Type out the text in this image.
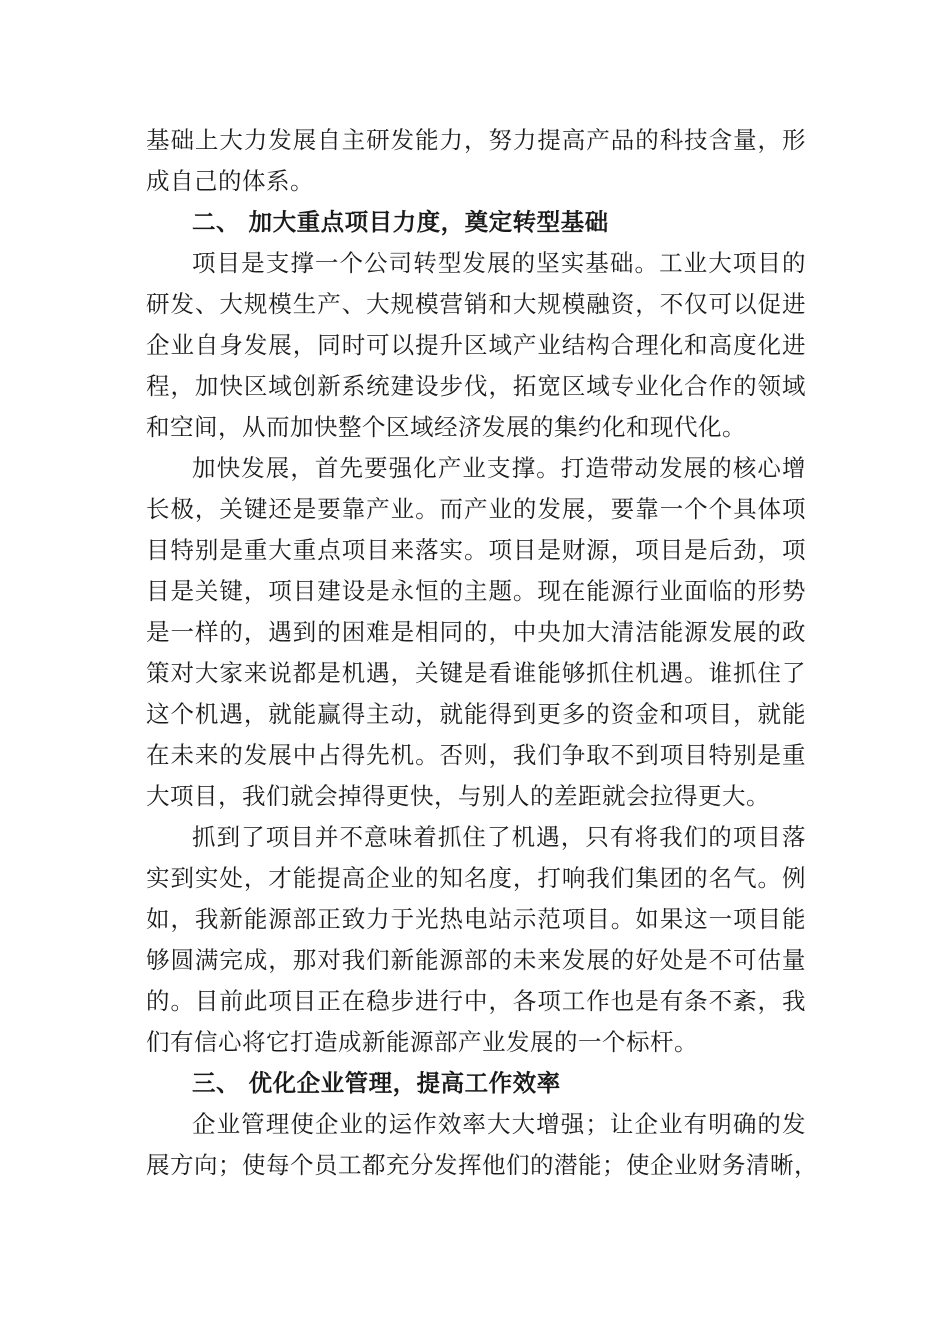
基础上大力发展自主研发能力，努力提高产品的科技含量，形
成自己的体系。
二、 加大重点项目力度，奠定转型基础
项目是支撑一个公司转型发展的坚实基础。工业大项目的
研发、大规模生产、大规模营销和大规模融资，不仅可以促进
企业自身发展，同时可以提升区域产业结构合理化和高度化进
程，加快区域创新系统建设步伐，拓宽区域专业化合作的领域
和空间，从而加快整个区域经济发展的集约化和现代化。
加快发展，首先要强化产业支撑。打造带动发展的核心增
长极，关键还是要靠产业。而产业的发展，要靠一个个具体项
目特别是重大重点项目来落实。项目是财源，项目是后劲，项
目是关键，项目建设是永恒的主题。现在能源行业面临的形势
是一样的，遇到的困难是相同的，中央加大清洁能源发展的政
策对大家来说都是机遇，关键是看谁能够抓住机遇。谁抓住了
这个机遇，就能赢得主动，就能得到更多的资金和项目，就能
在未来的发展中占得先机。否则，我们争取不到项目特别是重
大项目，我们就会掉得更快，与别人的差距就会拉得更大。
抓到了项目并不意味着抓住了机遇，只有将我们的项目落
实到实处，才能提高企业的知名度，打响我们集团的名气。例
如，我新能源部正致力于光热电站示范项目。如果这一项目能
够圆满完成，那对我们新能源部的未来发展的好处是不可估量
的。目前此项目正在稳步进行中，各项工作也是有条不紊，我
们有信心将它打造成新能源部产业发展的一个标杆。
三、 优化企业管理，提高工作效率
企业管理使企业的运作效率大大增强；让企业有明确的发
展方向；使每个员工都充分发挥他们的潜能；使企业财务清晰，
